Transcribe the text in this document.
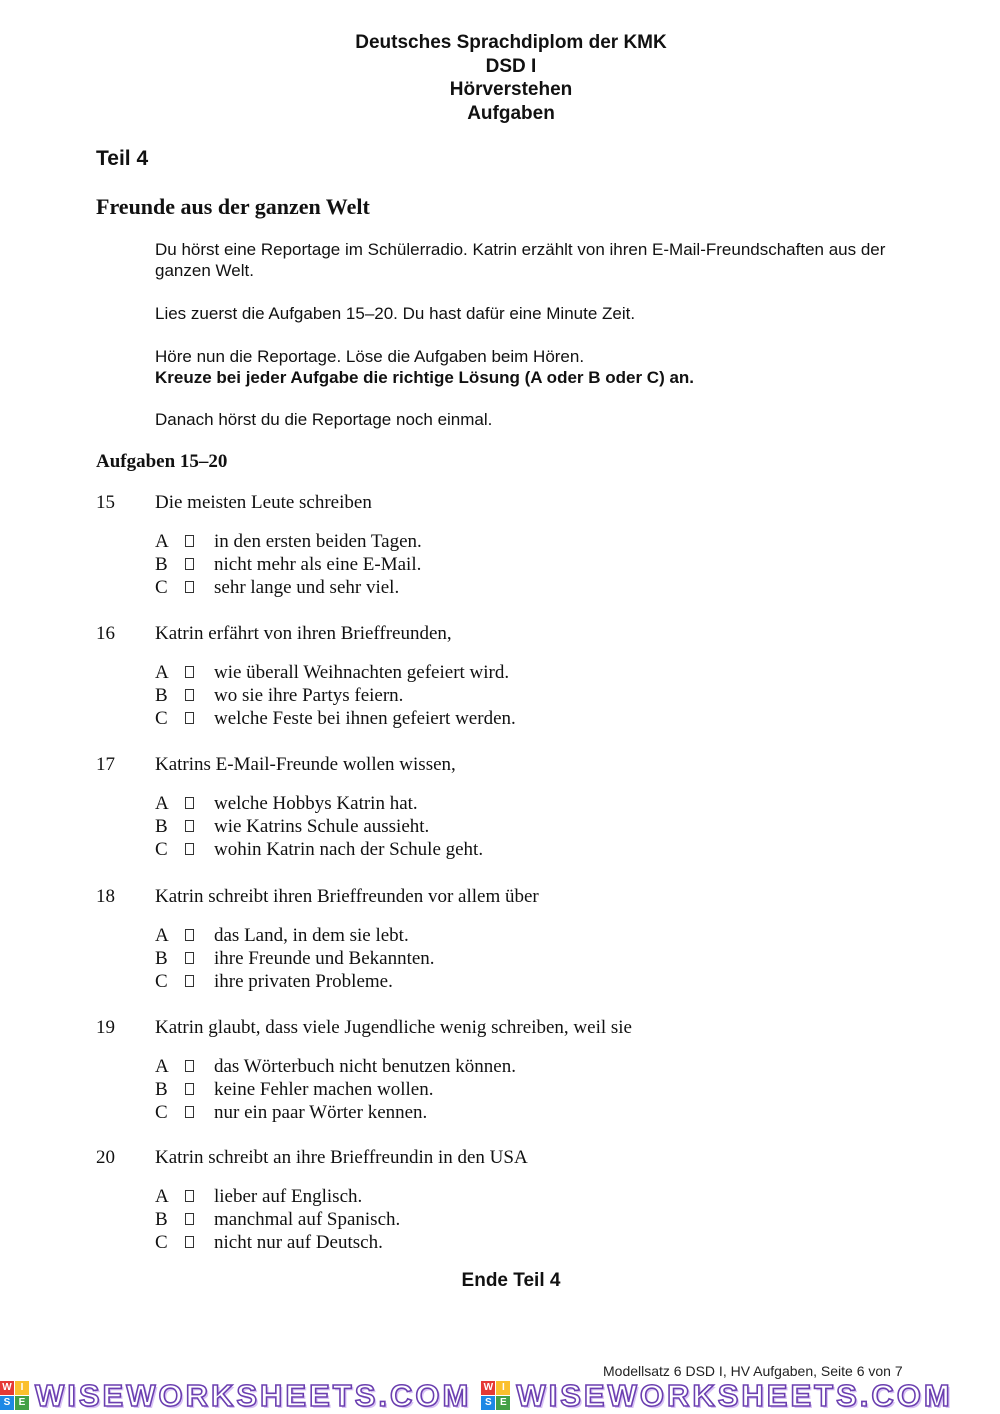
Deutsches Sprachdiplom der KMK
DSD I
Hörverstehen
Aufgaben
Teil 4
Freunde aus der ganzen Welt
Du hörst eine Reportage im Schülerradio. Katrin erzählt von ihren E-Mail-Freundschaften aus der ganzen Welt.
Lies zuerst die Aufgaben 15–20. Du hast dafür eine Minute Zeit.
Höre nun die Reportage. Löse die Aufgaben beim Hören.
Kreuze bei jeder Aufgabe die richtige Lösung (A oder B oder C) an.
Danach hörst du die Reportage noch einmal.
Aufgaben 15–20
15	Die meisten Leute schreiben
A	in den ersten beiden Tagen.
B	nicht mehr als eine E-Mail.
C	sehr lange und sehr viel.
16	Katrin erfährt von ihren Brieffreunden,
A	wie überall Weihnachten gefeiert wird.
B	wo sie ihre Partys feiern.
C	welche Feste bei ihnen gefeiert werden.
17	Katrins E-Mail-Freunde wollen wissen,
A	welche Hobbys Katrin hat.
B	wie Katrins Schule aussieht.
C	wohin Katrin nach der Schule geht.
18	Katrin schreibt ihren Brieffreunden vor allem über
A	das Land, in dem sie lebt.
B	ihre Freunde und Bekannten.
C	ihre privaten Probleme.
19	Katrin glaubt, dass viele Jugendliche wenig schreiben, weil sie
A	das Wörterbuch nicht benutzen können.
B	keine Fehler machen wollen.
C	nur ein paar Wörter kennen.
20	Katrin schreibt an ihre Brieffreundin in den USA
A	lieber auf Englisch.
B	manchmal auf Spanisch.
C	nicht nur auf Deutsch.
Ende Teil 4
Modellsatz 6 DSD I, HV Aufgaben, Seite 6 von 7
W I
S E WISEWORKSHEETS.COM W I
S E WISEWORKSHEETS.COM
